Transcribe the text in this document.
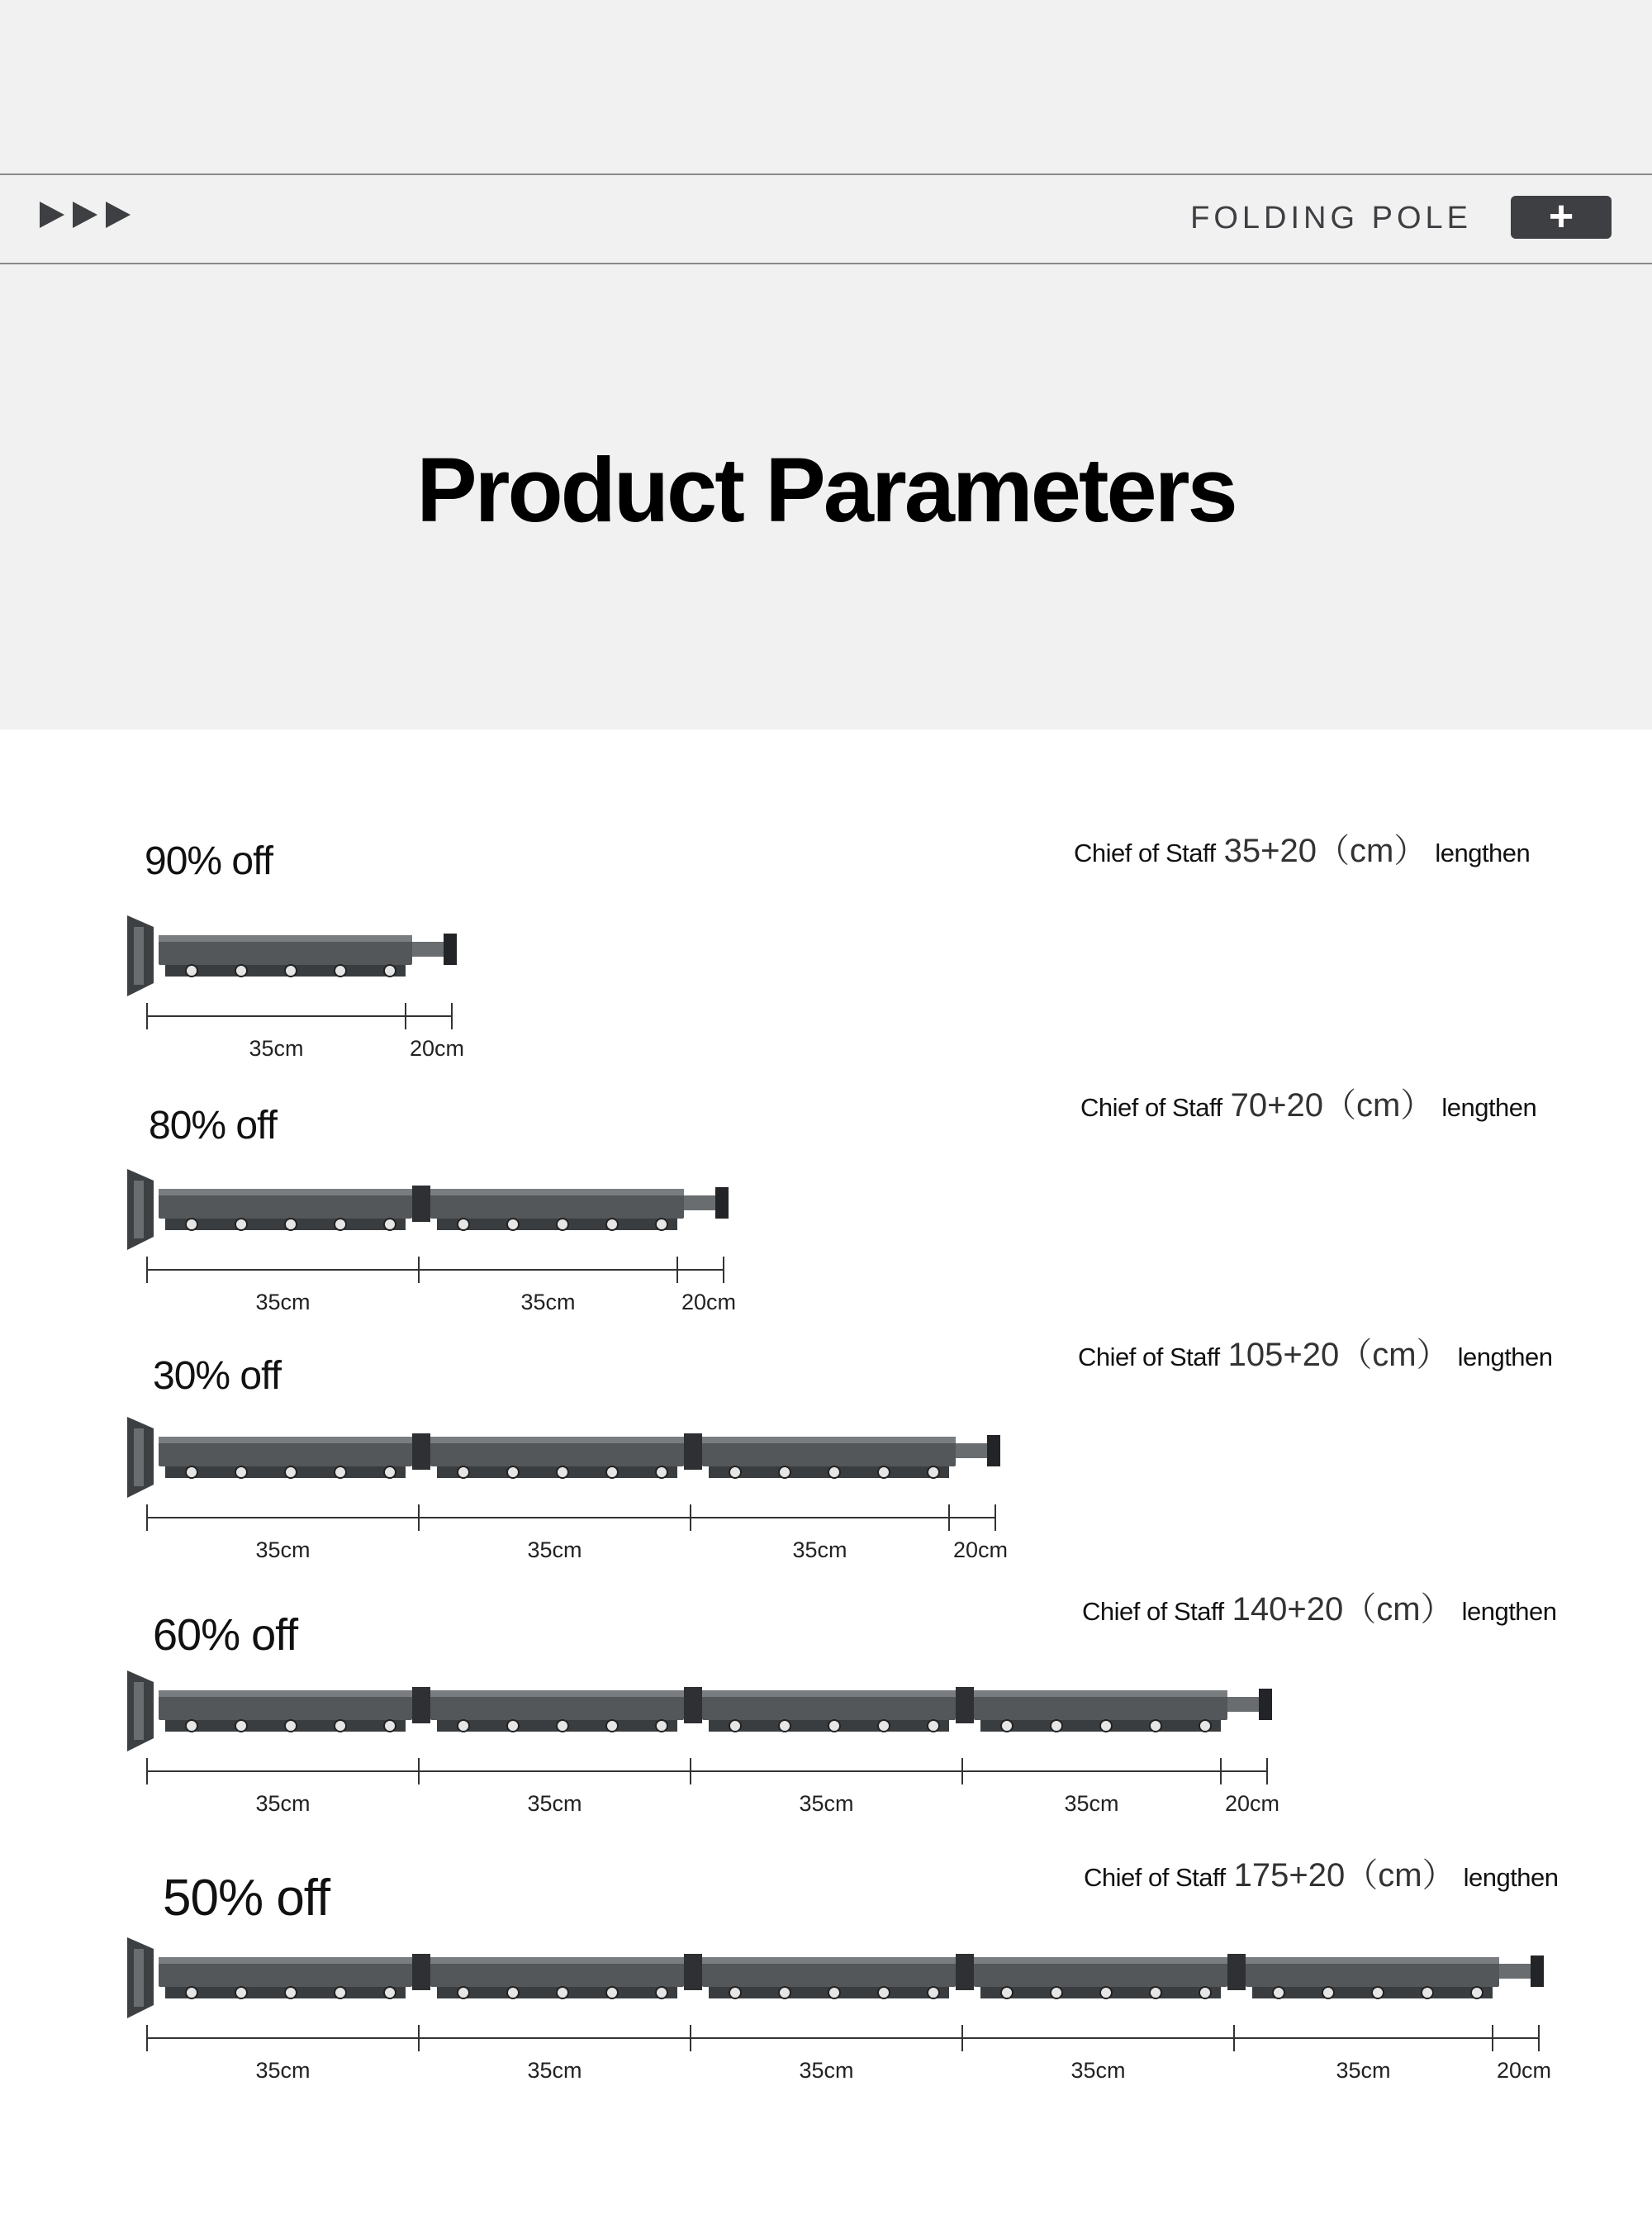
FOLDING POLE	+
Product Parameters
90% off	Chief of Staff 35+20（cm） lengthen
80% off	Chief of Staff 70+20（cm） lengthen
30% off	Chief of Staff 105+20（cm） lengthen
60% off	Chief of Staff 140+20（cm） lengthen
50% off	Chief of Staff 175+20（cm） lengthen
35cm	20cm
35cm	35cm	20cm
35cm	35cm	35cm	20cm
35cm	35cm	35cm	35cm	20cm
35cm	35cm	35cm	35cm	35cm	20cm
